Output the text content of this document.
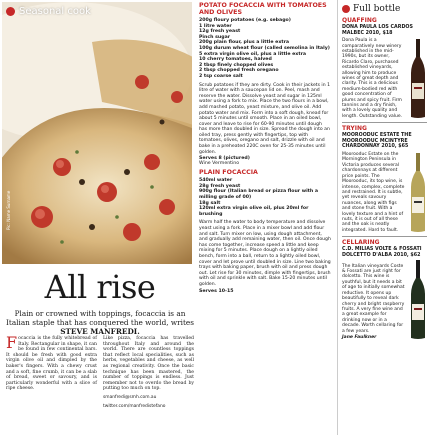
Seasonal cook
Pic: Name Surname
All rise
Plain or crowned with toppings, focaccia is an Italian staple that has conquered the world, writes STEVE MANFREDI.
Focaccia is the fully whitebread of Italy. Rectangular in shape, it can be found in few continental bars. It should be fresh with good extra virgin olive oil and dimpled by the baker's fingers. With a chewy crust and a soft, fine crumb, it can be a slab of bread, sweet or savoury, and is particularly wonderful with a slice of ripe cheese.
Like pizza, focaccia has travelled throughout Italy and around the world. There are countless toppings that reflect local specialities, such as herbs, vegetables and cheese, as well as regional creativity. Once the basic technique has been mastered, the number of toppings is endless. Just remember not to overdo the bread by putting too much on top.
smanfredi@smh.com.au
twitter.com/manfredistefano
POTATO FOCACCIA WITH TOMATOES AND OLIVES
200g floury potatoes (e.g. sebago)
1 litre water
12g fresh yeast
Pinch sugar
200g plain flour, plus a little extra
100g durum wheat flour (called semolina in Italy)
5 extra virgin olive oil, plus a little extra
10 cherry tomatoes, halved
2 tbsp finely chopped olives
2 tbsp chopped fresh oregano
2 tsp coarse salt
Scrub potatoes if they are dirty. Cook in their jackets in 1 litre of water with a saucepan lid on. Peel, mash and reserve the water. Dissolve yeast and sugar in 125ml water using a fork to mix. Place the two flours in a bowl, add mashed potato, yeast mixture, and olive oil. Add potato water and mix. Form into a soft dough, knead for about 5 minutes until smooth. Place in an oiled bowl, cover and leave to rise for 60-90 minutes until dough has more than doubled in size. Spread the dough into an oiled tray, press gently with fingertips, top with tomatoes, olives, oregano and salt, drizzle with oil and bake in a preheated 220C oven for 25-35 minutes until golden.
Serves 8 (pictured)
Wine Vermentino
PLAIN FOCACCIA
540ml water
28g fresh yeast
900g flour (Italian bread or pizza flour with a milling grade of 00)
18g salt
120ml extra virgin olive oil, plus 20ml for brushing
Warm half the water to body temperature and dissolve yeast using a fork. Place in a mixer bowl and add flour and salt. Turn mixer on low, using dough attachment, and gradually add remaining water, then oil. Once dough has come together, increase speed a little and keep mixing for 5 minutes. Place dough on a lightly oiled bench, form into a ball, return to a lightly oiled bowl, cover and let prove until doubled in size. Line two baking trays with baking paper, brush with oil and press dough out. Let rise for 30 minutes, dimple with fingertips, brush with oil and sprinkle with salt. Bake 15-20 minutes until golden.
Serves 10-15
Full bottle
QUAFFING
DONA PAULA LOS CARDOS MALBEC 2010, $18
Dona Paula is a comparatively new winery established in the mid-1990s, but its owner, Ricardo Claro, purchased established vineyards, allowing him to produce wines of great depth and clarity. This is a delicious medium-bodied red with good concentration of plums and spicy fruit. Firm tannins and a dry finish, with a lovely quality and length. Outstanding value.
TRYING
MOOROODUC ESTATE THE MOOROODUC MCINTYRE CHARDONNAY 2010, $65
Moorooduc Estate on the Mornington Peninsula in Victoria produces several chardonnays at different price points. The Moorooduc, its top wine, is intense, complex, complete and restrained. It is subtle, yet reveals savoury nuances, along with figs and stone fruit. With a lovely texture and a hint of nuts, it is out of all these and the oak is neatly integrated. Hard to fault.
CELLARING
C.D. MILIAS VOLTE & FOSSATI DOLCETTO D'ALBA 2010, $62
The Italian vineyards Coste & Fossati are just right for dolcetto. This wine is youthful, but it needs a bit of age to initially somewhat reductive. It opens up beautifully to reveal dark cherry and bright raspberry fruits. A very fine wine and a great example for drinking now or in a decade. Worth cellaring for a few years.
Jane Faulkner
